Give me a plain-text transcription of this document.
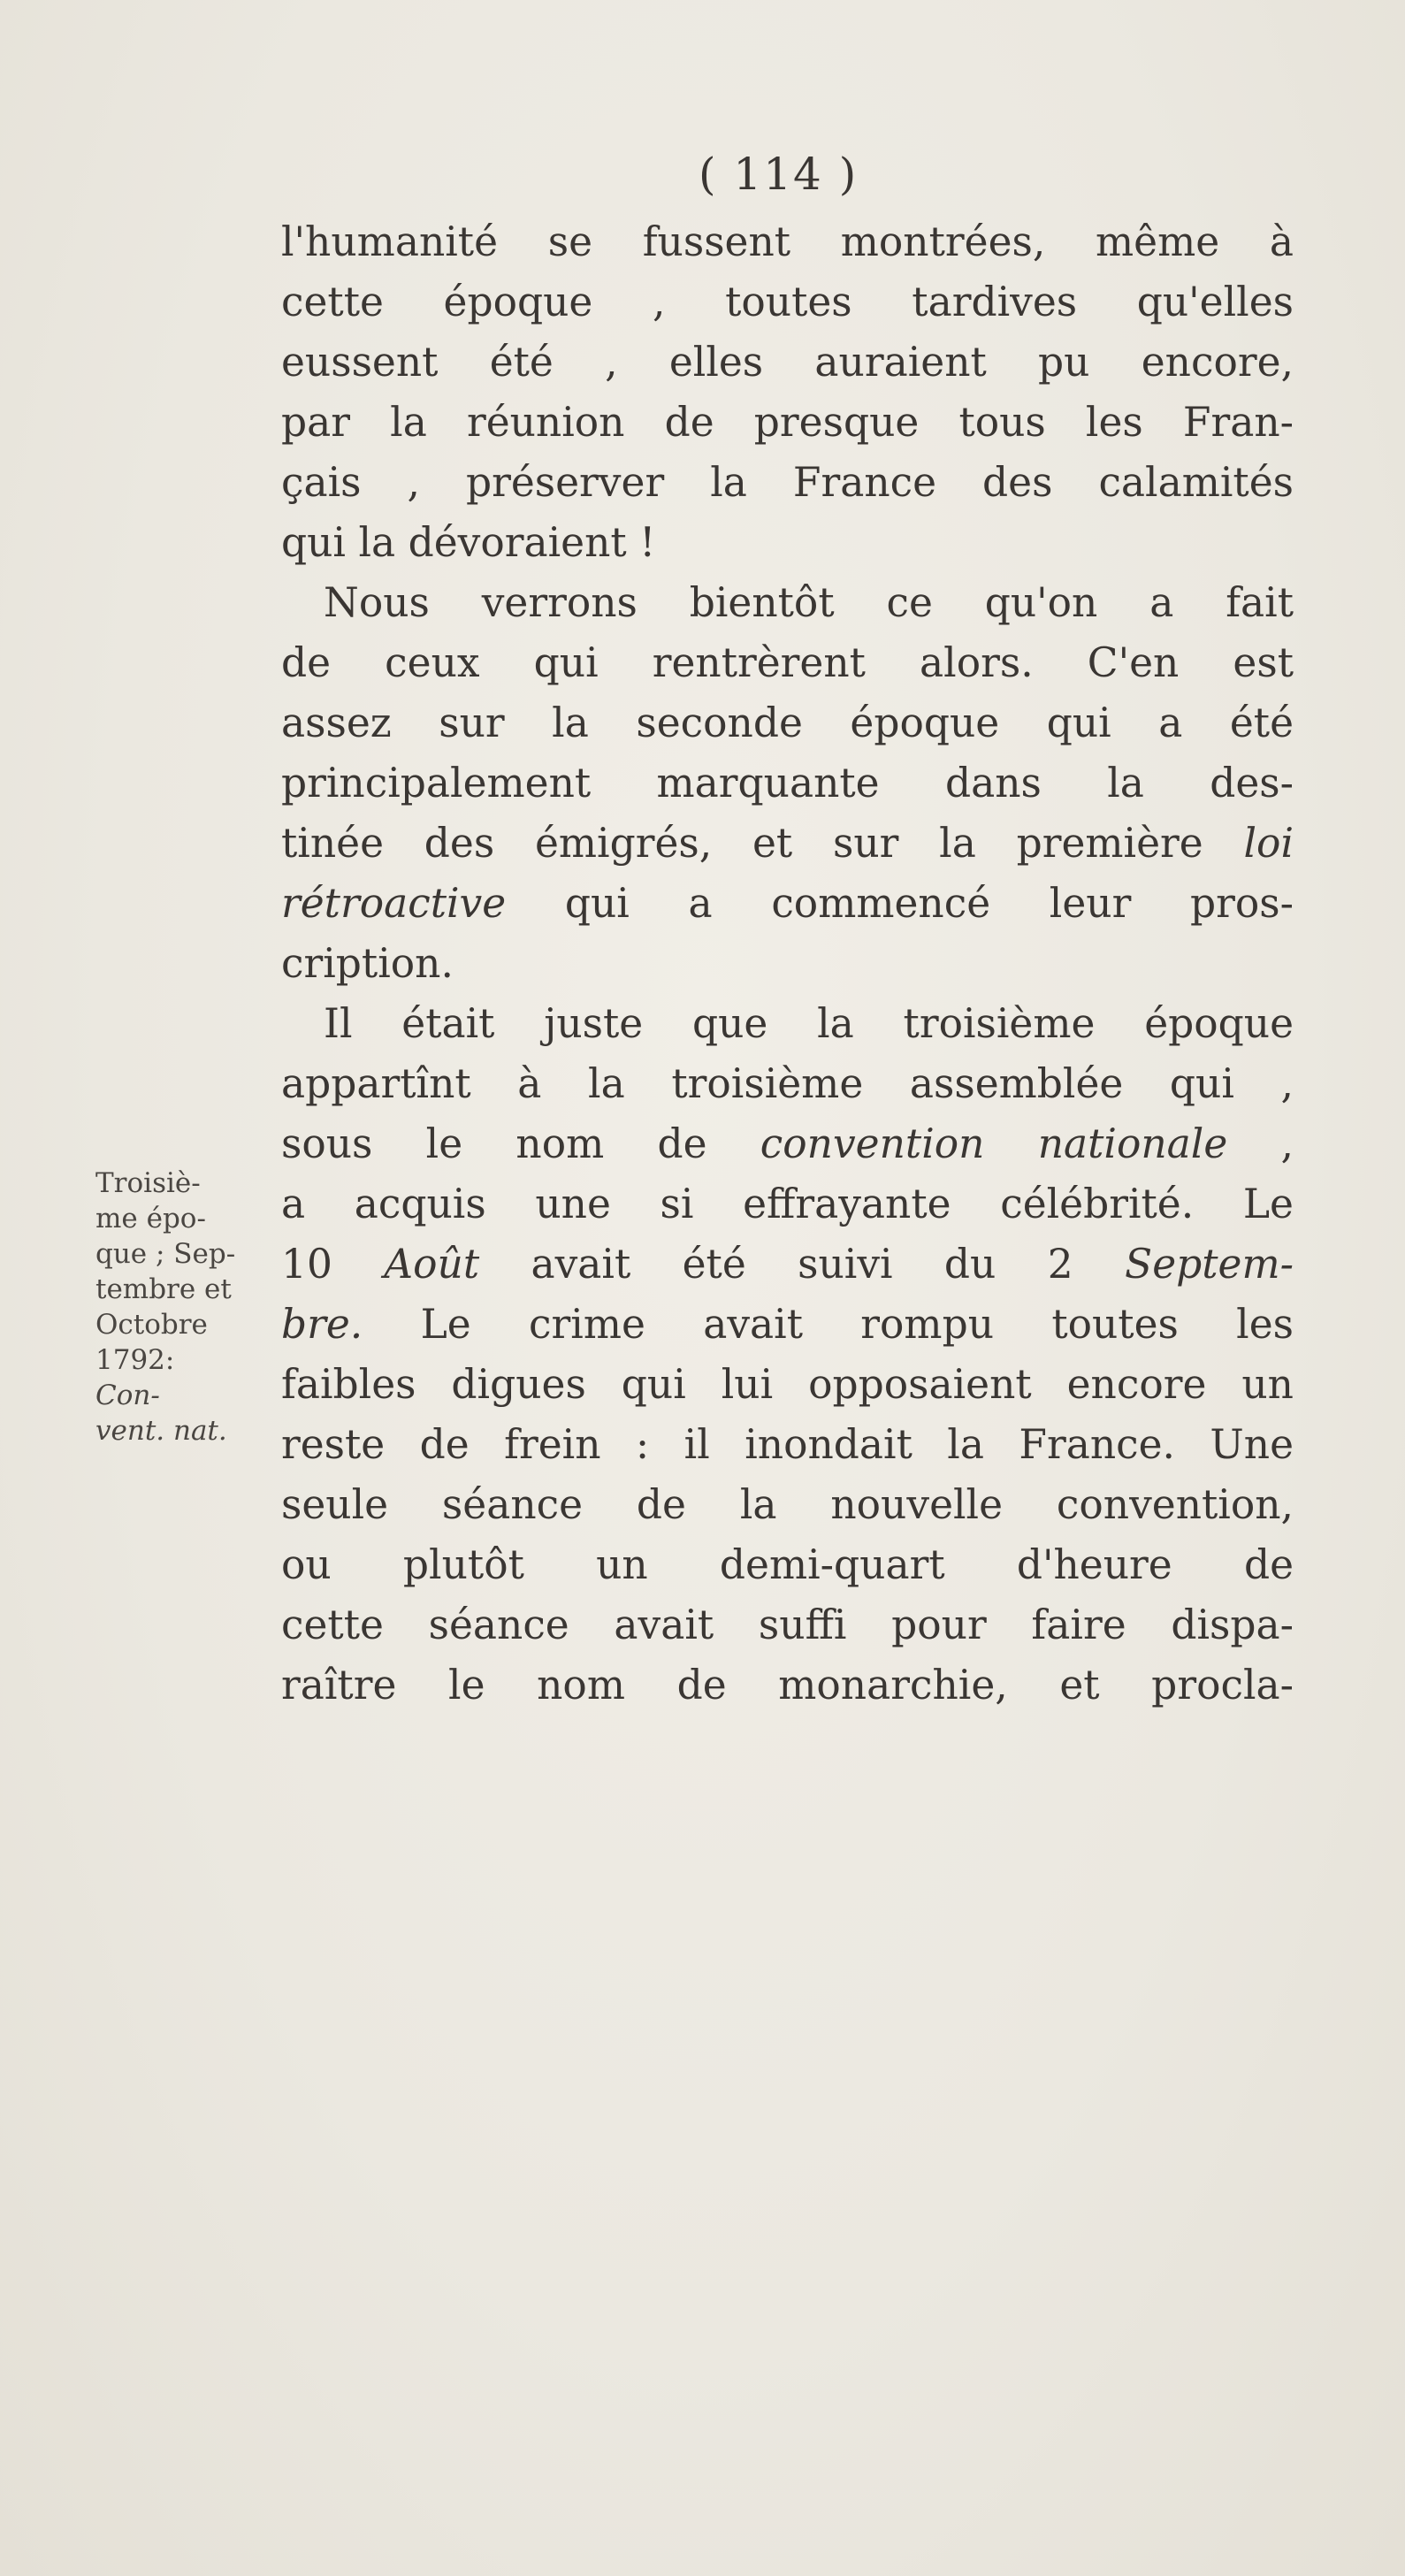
( 114 )
l'humanité se fussent montrées, même à
cette époque , toutes tardives qu'elles
eussent été , elles auraient pu encore,
par la réunion de presque tous les Fran-
çais , préserver la France des calamités
qui la dévoraient !
Nous verrons bientôt ce qu'on a fait
de ceux qui rentrèrent alors. C'en est
assez sur la seconde époque qui a été
principalement marquante dans la des-
tinée des émigrés, et sur la première loi
rétroactive qui a commencé leur pros-
cription.
Il était juste que la troisième époque
appartînt à la troisième assemblée qui ,
sous le nom de convention nationale ,
a acquis une si effrayante célébrité. Le
10 Août avait été suivi du 2 Septem-
bre. Le crime avait rompu toutes les
faibles digues qui lui opposaient encore un
reste de frein : il inondait la France. Une
seule séance de la nouvelle convention,
ou plutôt un demi-quart d'heure de
cette séance avait suffi pour faire dispa-
raître le nom de monarchie, et procla-
Troisiè-
me épo-
que ; Sep-
tembre et
Octobre
1792:
Con-
vent. nat.
